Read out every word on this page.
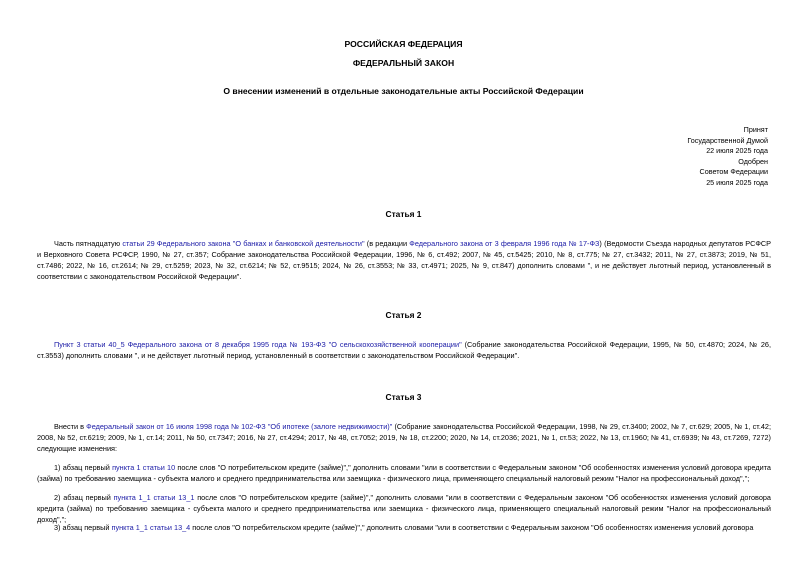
РОССИЙСКАЯ ФЕДЕРАЦИЯ
ФЕДЕРАЛЬНЫЙ ЗАКОН
О внесении изменений в отдельные законодательные акты Российской Федерации
Принят
Государственной Думой
22 июля 2025 года
Одобрен
Советом Федерации
25 июля 2025 года
Статья 1
Часть пятнадцатую статьи 29 Федерального закона "О банках и банковской деятельности" (в редакции Федерального закона от 3 февраля 1996 года № 17-ФЗ) (Ведомости Съезда народных депутатов РСФСР и Верховного Совета РСФСР, 1990, № 27, ст.357; Собрание законодательства Российской Федерации, 1996, № 6, ст.492; 2007, № 45, ст.5425; 2010, № 8, ст.775; № 27, ст.3432; 2011, № 27, ст.3873; 2019, № 51, ст.7486; 2022, № 16, ст.2614; № 29, ст.5259; 2023, № 32, ст.6214; № 52, ст.9515; 2024, № 26, ст.3553; № 33, ст.4971; 2025, № 9, ст.847) дополнить словами ", и не действует льготный период, установленный в соответствии с законодательством Российской Федерации".
Статья 2
Пункт 3 статьи 40_5 Федерального закона от 8 декабря 1995 года № 193-ФЗ "О сельскохозяйственной кооперации" (Собрание законодательства Российской Федерации, 1995, № 50, ст.4870; 2024, № 26, ст.3553) дополнить словами ", и не действует льготный период, установленный в соответствии с законодательством Российской Федерации".
Статья 3
Внести в Федеральный закон от 16 июля 1998 года № 102-ФЗ "Об ипотеке (залоге недвижимости)" (Собрание законодательства Российской Федерации, 1998, № 29, ст.3400; 2002, № 7, ст.629; 2005, № 1, ст.42; 2008, № 52, ст.6219; 2009, № 1, ст.14; 2011, № 50, ст.7347; 2016, № 27, ст.4294; 2017, № 48, ст.7052; 2019, № 18, ст.2200; 2020, № 14, ст.2036; 2021, № 1, ст.53; 2022, № 13, ст.1960; № 41, ст.6939; № 43, ст.7269, 7272) следующие изменения:
1) абзац первый пункта 1 статьи 10 после слов "О потребительском кредите (займе)"," дополнить словами "или в соответствии с Федеральным законом "Об особенностях изменения условий договора кредита (займа) по требованию заемщика - субъекта малого и среднего предпринимательства или заемщика - физического лица, применяющего специальный налоговый режим "Налог на профессиональный доход",";
2) абзац первый пункта 1_1 статьи 13_1 после слов "О потребительском кредите (займе)"," дополнить словами "или в соответствии с Федеральным законом "Об особенностях изменения условий договора кредита (займа) по требованию заемщика - субъекта малого и среднего предпринимательства или заемщика - физического лица, применяющего специальный налоговый режим "Налог на профессиональный доход",";
3) абзац первый пункта 1_1 статьи 13_4 после слов "О потребительском кредите (займе)"," дополнить словами "или в соответствии с Федеральным законом "Об особенностях изменения условий договора
